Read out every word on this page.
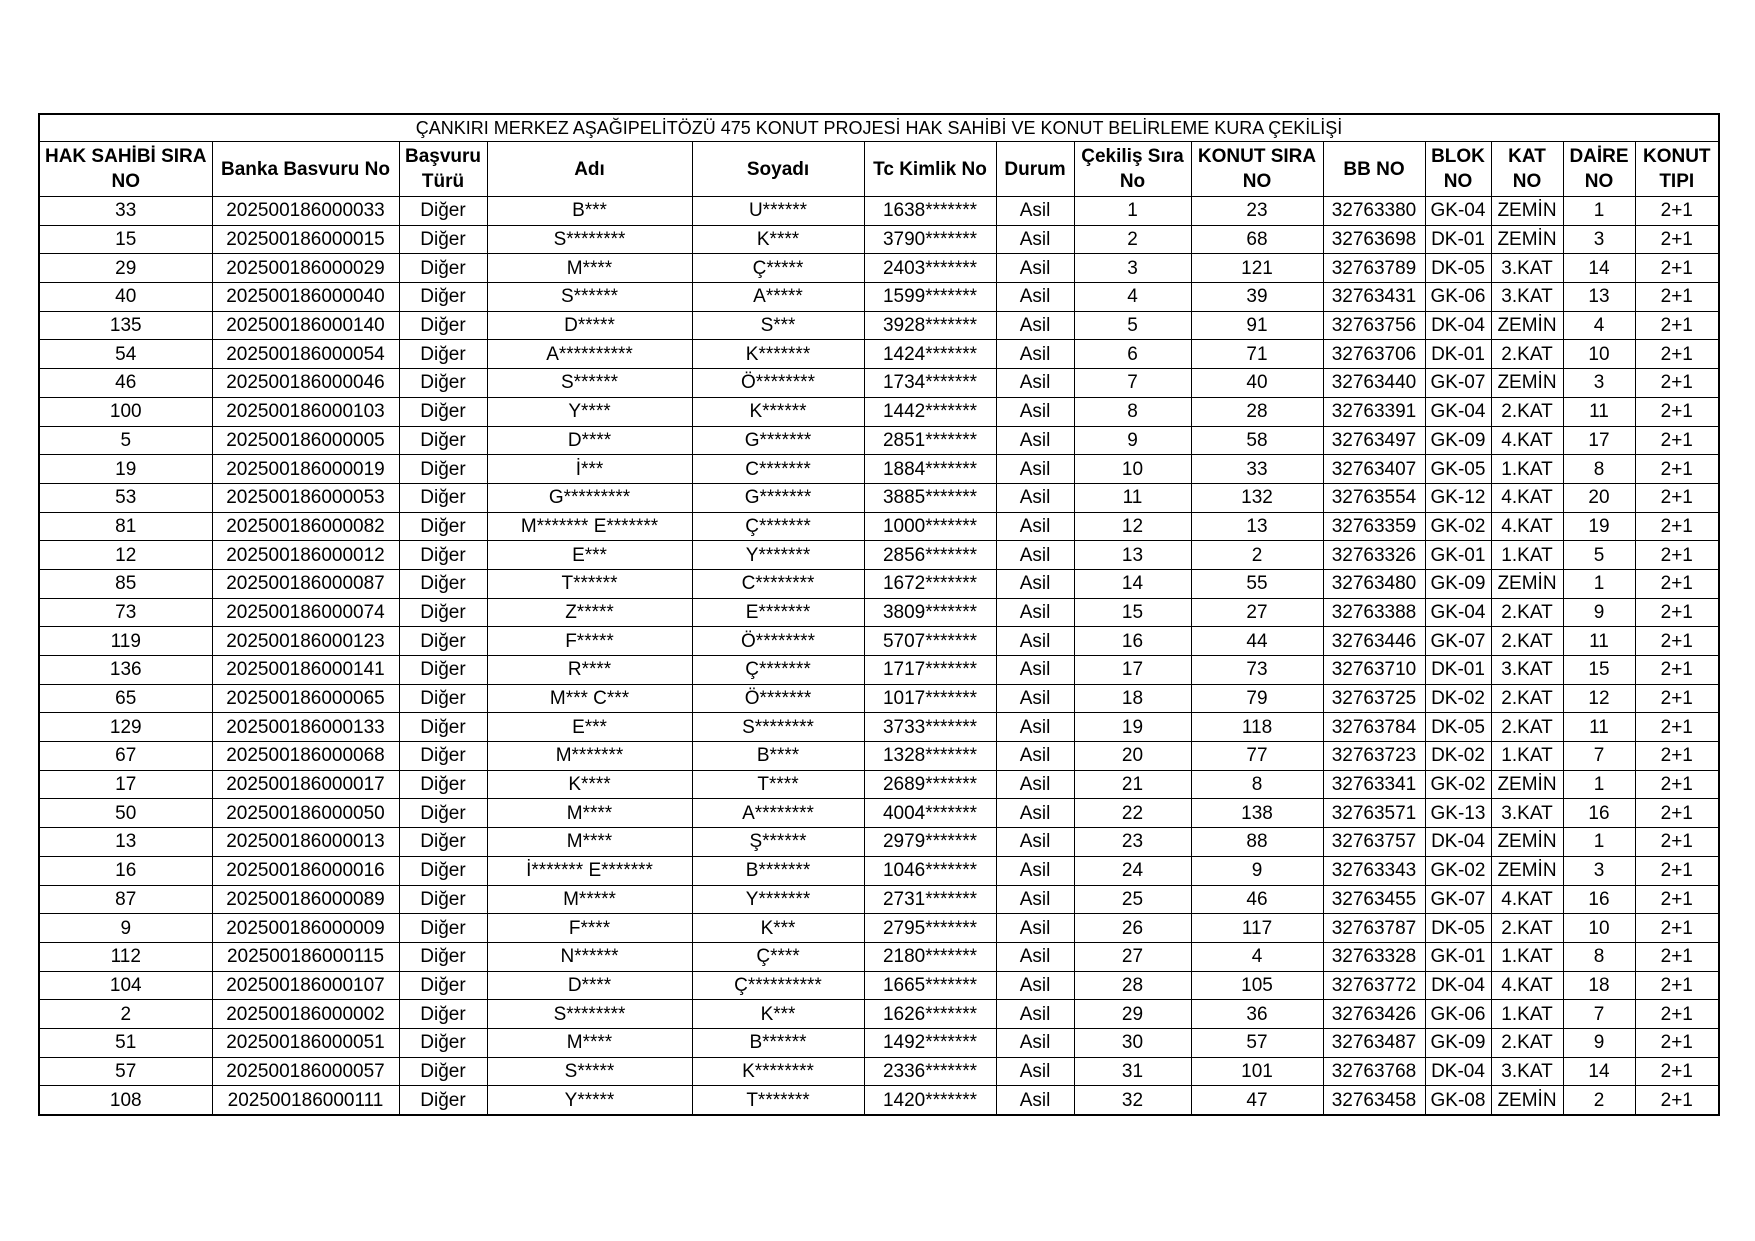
ÇANKIRI MERKEZ AŞAĞIPELİTÖZÜ 475 KONUT PROJESİ HAK SAHİBİ VE KONUT BELİRLEME KURA ÇEKİLİŞİ													
HAK SAHİBİ SIRA NO	Banka Basvuru No	Başvuru Türü	Adı	Soyadı	Tc Kimlik No	Durum	Çekiliş Sıra No	KONUT SIRA NO	BB NO	BLOK NO	KAT NO	DAİRE NO	KONUT TIPI
33	202500186000033	Diğer	B***	U******	1638*******	Asil	1	23	32763380	GK-04	ZEMİN	1	2+1
15	202500186000015	Diğer	S********	K****	3790*******	Asil	2	68	32763698	DK-01	ZEMİN	3	2+1
29	202500186000029	Diğer	M****	Ç*****	2403*******	Asil	3	121	32763789	DK-05	3.KAT	14	2+1
40	202500186000040	Diğer	S******	A*****	1599*******	Asil	4	39	32763431	GK-06	3.KAT	13	2+1
135	202500186000140	Diğer	D*****	S***	3928*******	Asil	5	91	32763756	DK-04	ZEMİN	4	2+1
54	202500186000054	Diğer	A**********	K*******	1424*******	Asil	6	71	32763706	DK-01	2.KAT	10	2+1
46	202500186000046	Diğer	S******	Ö********	1734*******	Asil	7	40	32763440	GK-07	ZEMİN	3	2+1
100	202500186000103	Diğer	Y****	K******	1442*******	Asil	8	28	32763391	GK-04	2.KAT	11	2+1
5	202500186000005	Diğer	D****	G*******	2851*******	Asil	9	58	32763497	GK-09	4.KAT	17	2+1
19	202500186000019	Diğer	İ***	C*******	1884*******	Asil	10	33	32763407	GK-05	1.KAT	8	2+1
53	202500186000053	Diğer	G*********	G*******	3885*******	Asil	11	132	32763554	GK-12	4.KAT	20	2+1
81	202500186000082	Diğer	M******* E*******	Ç*******	1000*******	Asil	12	13	32763359	GK-02	4.KAT	19	2+1
12	202500186000012	Diğer	E***	Y*******	2856*******	Asil	13	2	32763326	GK-01	1.KAT	5	2+1
85	202500186000087	Diğer	T******	C********	1672*******	Asil	14	55	32763480	GK-09	ZEMİN	1	2+1
73	202500186000074	Diğer	Z*****	E*******	3809*******	Asil	15	27	32763388	GK-04	2.KAT	9	2+1
119	202500186000123	Diğer	F*****	Ö********	5707*******	Asil	16	44	32763446	GK-07	2.KAT	11	2+1
136	202500186000141	Diğer	R****	Ç*******	1717*******	Asil	17	73	32763710	DK-01	3.KAT	15	2+1
65	202500186000065	Diğer	M*** C***	Ö*******	1017*******	Asil	18	79	32763725	DK-02	2.KAT	12	2+1
129	202500186000133	Diğer	E***	S********	3733*******	Asil	19	118	32763784	DK-05	2.KAT	11	2+1
67	202500186000068	Diğer	M*******	B****	1328*******	Asil	20	77	32763723	DK-02	1.KAT	7	2+1
17	202500186000017	Diğer	K****	T****	2689*******	Asil	21	8	32763341	GK-02	ZEMİN	1	2+1
50	202500186000050	Diğer	M****	A********	4004*******	Asil	22	138	32763571	GK-13	3.KAT	16	2+1
13	202500186000013	Diğer	M****	Ş******	2979*******	Asil	23	88	32763757	DK-04	ZEMİN	1	2+1
16	202500186000016	Diğer	İ******* E*******	B*******	1046*******	Asil	24	9	32763343	GK-02	ZEMİN	3	2+1
87	202500186000089	Diğer	M*****	Y*******	2731*******	Asil	25	46	32763455	GK-07	4.KAT	16	2+1
9	202500186000009	Diğer	F****	K***	2795*******	Asil	26	117	32763787	DK-05	2.KAT	10	2+1
112	202500186000115	Diğer	N******	Ç****	2180*******	Asil	27	4	32763328	GK-01	1.KAT	8	2+1
104	202500186000107	Diğer	D****	Ç**********	1665*******	Asil	28	105	32763772	DK-04	4.KAT	18	2+1
2	202500186000002	Diğer	S********	K***	1626*******	Asil	29	36	32763426	GK-06	1.KAT	7	2+1
51	202500186000051	Diğer	M****	B******	1492*******	Asil	30	57	32763487	GK-09	2.KAT	9	2+1
57	202500186000057	Diğer	S*****	K********	2336*******	Asil	31	101	32763768	DK-04	3.KAT	14	2+1
108	202500186000111	Diğer	Y*****	T*******	1420*******	Asil	32	47	32763458	GK-08	ZEMİN	2	2+1
